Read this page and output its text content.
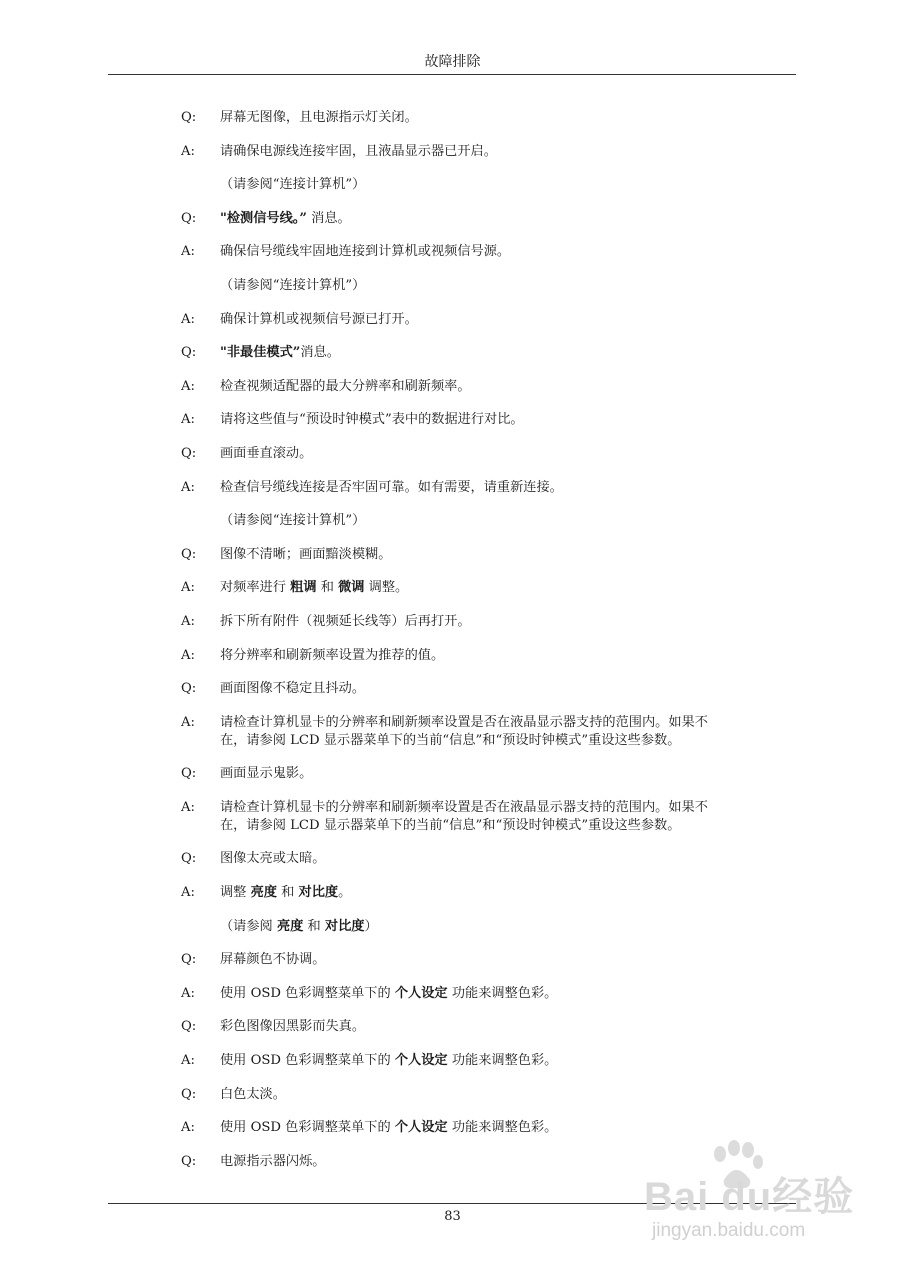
故障排除
Q:	屏幕无图像，且电源指示灯关闭。
A:	请确保电源线连接牢固，且液晶显示器已开启。
（请参阅“连接计算机”）
Q:	"检测信号线。” 消息。
A:	确保信号缆线牢固地连接到计算机或视频信号源。
（请参阅“连接计算机”）
A:	确保计算机或视频信号源已打开。
Q:	"非最佳模式”消息。
A:	检查视频适配器的最大分辨率和刷新频率。
A:	请将这些值与“预设时钟模式”表中的数据进行对比。
Q:	画面垂直滚动。
A:	检查信号缆线连接是否牢固可靠。如有需要，请重新连接。
（请参阅“连接计算机”）
Q:	图像不清晰；画面黯淡模糊。
A:	对频率进行 粗调 和 微调 调整。
A:	拆下所有附件（视频延长线等）后再打开。
A:	将分辨率和刷新频率设置为推荐的值。
Q:	画面图像不稳定且抖动。
A:	请检查计算机显卡的分辨率和刷新频率设置是否在液晶显示器支持的范围内。如果不
在，请参阅 LCD 显示器菜单下的当前“信息”和“预设时钟模式”重设这些参数。
Q:	画面显示鬼影。
A:	请检查计算机显卡的分辨率和刷新频率设置是否在液晶显示器支持的范围内。如果不
在，请参阅 LCD 显示器菜单下的当前“信息”和“预设时钟模式”重设这些参数。
Q:	图像太亮或太暗。
A:	调整 亮度 和 对比度。
（请参阅 亮度 和 对比度）
Q:	屏幕颜色不协调。
A:	使用 OSD 色彩调整菜单下的 个人设定 功能来调整色彩。
Q:	彩色图像因黑影而失真。
A:	使用 OSD 色彩调整菜单下的 个人设定 功能来调整色彩。
Q:	白色太淡。
A:	使用 OSD 色彩调整菜单下的 个人设定 功能来调整色彩。
Q:	电源指示器闪烁。
83	Bai du经验
jingyan.baidu.com
